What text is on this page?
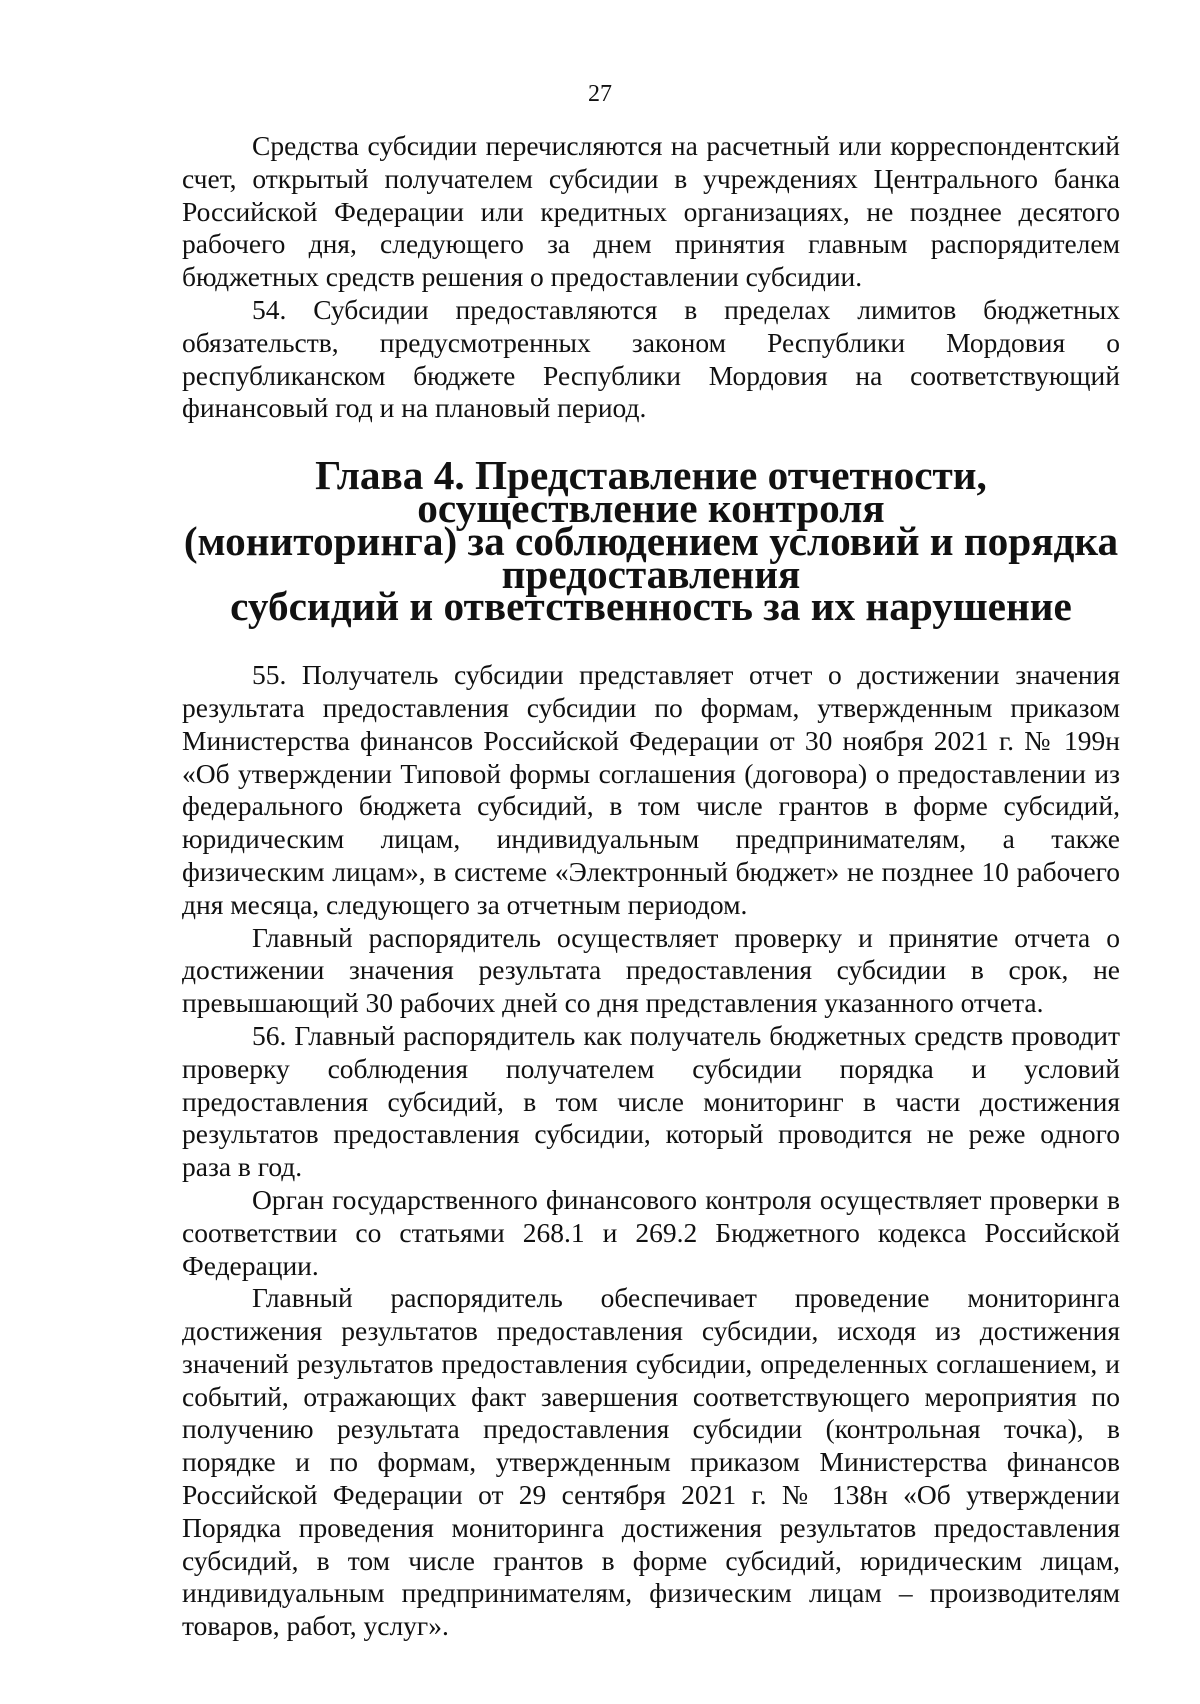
27

Средства субсидии перечисляются на расчетный или корреспондентский счет, открытый получателем субсидии в учреждениях Центрального банка Российской Федерации или кредитных организациях, не позднее десятого рабочего дня, следующего за днем принятия главным распорядителем бюджетных средств решения о предоставлении субсидии.

54. Субсидии предоставляются в пределах лимитов бюджетных обязательств, предусмотренных законом Республики Мордовия о республиканском бюджете Республики Мордовия на соответствующий финансовый год и на плановый период.

Глава 4. Представление отчетности, осуществление контроля
(мониторинга) за соблюдением условий и порядка предоставления
субсидий и ответственность за их нарушение

55. Получатель субсидии представляет отчет о достижении значения результата предоставления субсидии по формам, утвержденным приказом Министерства финансов Российской Федерации от 30 ноября 2021 г. № 199н «Об утверждении Типовой формы соглашения (договора) о предоставлении из федерального бюджета субсидий, в том числе грантов в форме субсидий, юридическим лицам, индивидуальным предпринимателям, а также физическим лицам», в системе «Электронный бюджет» не позднее 10 рабочего дня месяца, следующего за отчетным периодом.

Главный распорядитель осуществляет проверку и принятие отчета о достижении значения результата предоставления субсидии в срок, не превышающий 30 рабочих дней со дня представления указанного отчета.

56. Главный распорядитель как получатель бюджетных средств проводит проверку соблюдения получателем субсидии порядка и условий предоставления субсидий, в том числе мониторинг в части достижения результатов предоставления субсидии, который проводится не реже одного раза в год.

Орган государственного финансового контроля осуществляет проверки в соответствии со статьями 268.1 и 269.2 Бюджетного кодекса Российской Федерации.

Главный распорядитель обеспечивает проведение мониторинга достижения результатов предоставления субсидии, исходя из достижения значений результатов предоставления субсидии, определенных соглашением, и событий, отражающих факт завершения соответствующего мероприятия по получению результата предоставления субсидии (контрольная точка), в порядке и по формам, утвержденным приказом Министерства финансов Российской Федерации от 29 сентября 2021 г. № 138н «Об утверждении Порядка проведения мониторинга достижения результатов предоставления субсидий, в том числе грантов в форме субсидий, юридическим лицам, индивидуальным предпринимателям, физическим лицам – производителям товаров, работ, услуг».
